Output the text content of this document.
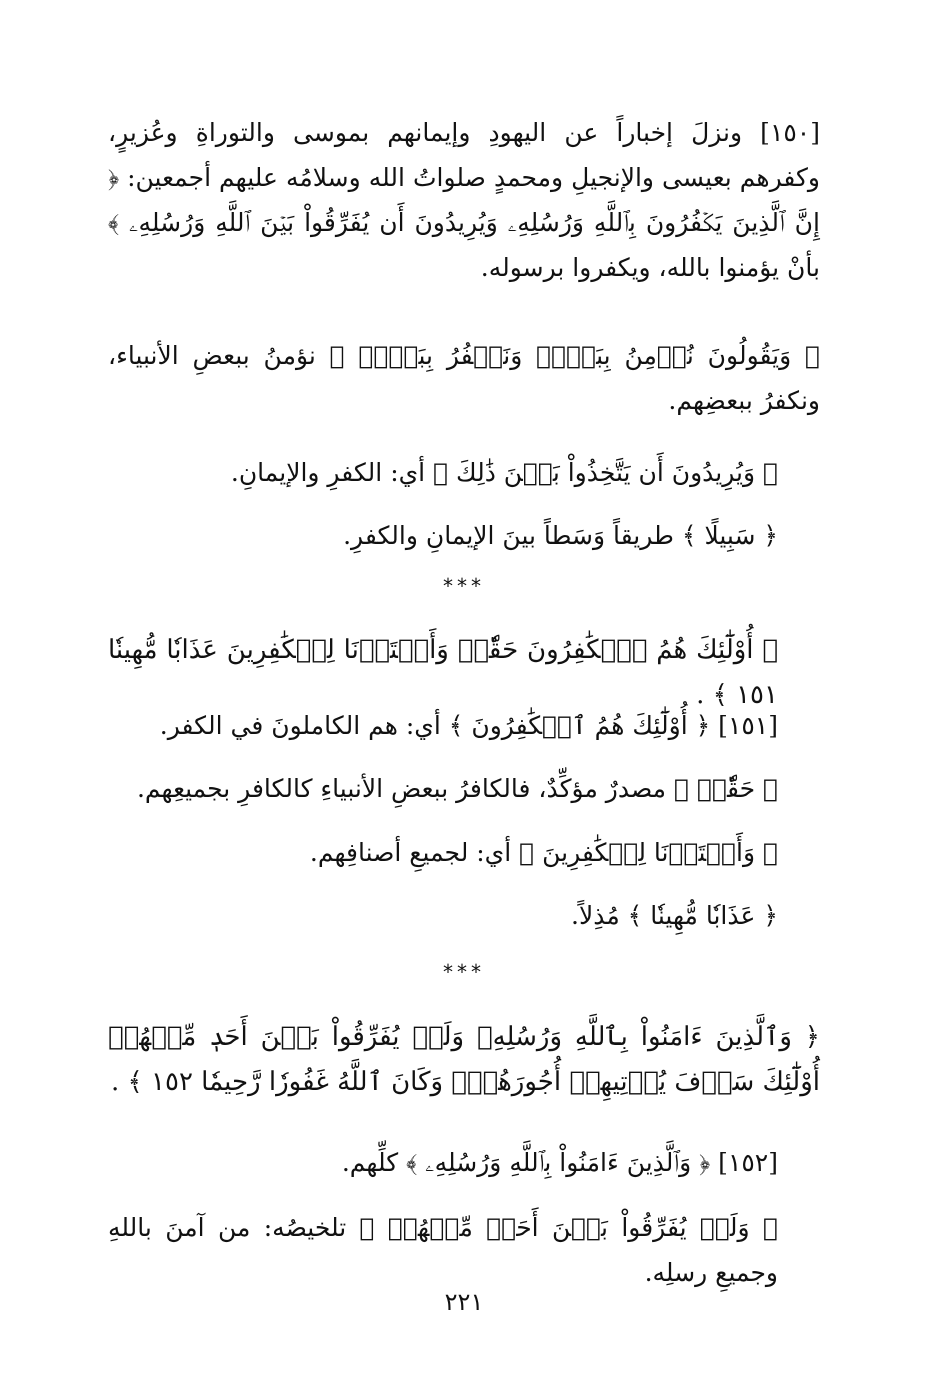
[١٥٠] ونزلَ إخباراً عن اليهودِ وإيمانهم بموسى والتوراةِ وعُزيرٍ، وكفرهم بعيسى والإنجيلِ ومحمدٍ صلواتُ الله وسلامُه عليهم أجمعين: ﴿ إِنَّ ٱلَّذِينَ يَكۡفُرُونَ بِٱللَّهِ وَرُسُلِهِۦ وَيُرِيدُونَ أَن يُفَرِّقُواْ بَيۡنَ ٱللَّهِ وَرُسُلِهِۦ ﴾ بأنْ يؤمنوا بالله، ويكفروا برسوله.

﴿ وَيَقُولُونَ نُؤۡمِنُ بِبَعۡضٖ وَنَكۡفُرُ بِبَعۡضٖ ﴾ نؤمنُ ببعضِ الأنبياء، ونكفرُ ببعضِهم.

﴿ وَيُرِيدُونَ أَن يَتَّخِذُواْ بَيۡنَ ذَٰلِكَ ﴾ أي: الكفرِ والإيمانِ.

﴿ سَبِيلًا ﴾ طريقاً وَسَطاً بينَ الإيمانِ والكفرِ.

***

﴿ أُوْلَٰٓئِكَ هُمُ ٱلۡكَٰفِرُونَ حَقّٗاۚ وَأَعۡتَدۡنَا لِلۡكَٰفِرِينَ عَذَابٗا مُّهِينٗا ١٥١ ﴾ .

[١٥١] ﴿ أُوْلَٰٓئِكَ هُمُ ٱلۡكَٰفِرُونَ ﴾ أي: هم الكاملونَ في الكفر.

﴿ حَقّٗاۚ ﴾ مصدرٌ مؤكِّدٌ، فالكافرُ ببعضِ الأنبياءِ كالكافرِ بجميعِهم.

﴿ وَأَعۡتَدۡنَا لِلۡكَٰفِرِينَ ﴾ أي: لجميعِ أصنافِهم.

﴿ عَذَابٗا مُّهِينٗا ﴾ مُذِلاً.

***

﴿ وَٱلَّذِينَ ءَامَنُواْ بِٱللَّهِ وَرُسُلِهِۦ وَلَمۡ يُفَرِّقُواْ بَيۡنَ أَحَدٖ مِّنۡهُمۡ أُوْلَٰٓئِكَ سَوۡفَ يُؤۡتِيهِمۡ أُجُورَهُمۡۚ وَكَانَ ٱللَّهُ غَفُورٗا رَّحِيمٗا ١٥٢ ﴾ .

[١٥٢] ﴿ وَٱلَّذِينَ ءَامَنُواْ بِٱللَّهِ وَرُسُلِهِۦ ﴾ كلِّهم.

﴿ وَلَمۡ يُفَرِّقُواْ بَيۡنَ أَحَدٖ مِّنۡهُمۡ ﴾ تلخيصُه: من آمنَ باللهِ وجميعِ رسلِه.

٢٢١
